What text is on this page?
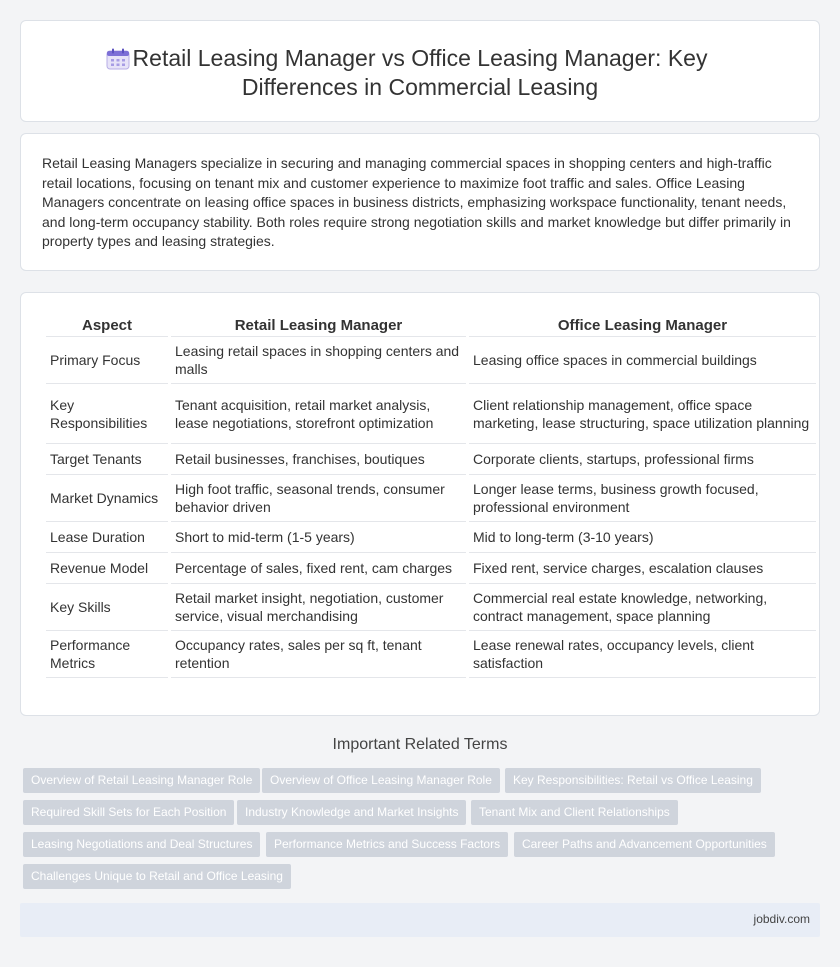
Retail Leasing Manager vs Office Leasing Manager: Key
Differences in Commercial Leasing

Retail Leasing Managers specialize in securing and managing commercial spaces in shopping centers and high-traffic retail locations, focusing on tenant mix and customer experience to maximize foot traffic and sales. Office Leasing Managers concentrate on leasing office spaces in business districts, emphasizing workspace functionality, tenant needs, and long-term occupancy stability. Both roles require strong negotiation skills and market knowledge but differ primarily in property types and leasing strategies.

Aspect	Retail Leasing Manager	Office Leasing Manager
Primary Focus	Leasing retail spaces in shopping centers and malls	Leasing office spaces in commercial buildings
Key Responsibilities	Tenant acquisition, retail market analysis, lease negotiations, storefront optimization	Client relationship management, office space marketing, lease structuring, space utilization planning
Target Tenants	Retail businesses, franchises, boutiques	Corporate clients, startups, professional firms
Market Dynamics	High foot traffic, seasonal trends, consumer behavior driven	Longer lease terms, business growth focused, professional environment
Lease Duration	Short to mid-term (1-5 years)	Mid to long-term (3-10 years)
Revenue Model	Percentage of sales, fixed rent, cam charges	Fixed rent, service charges, escalation clauses
Key Skills	Retail market insight, negotiation, customer service, visual merchandising	Commercial real estate knowledge, networking, contract management, space planning
Performance Metrics	Occupancy rates, sales per sq ft, tenant retention	Lease renewal rates, occupancy levels, client satisfaction
Important Related Terms
Overview of Retail Leasing Manager Role	Overview of Office Leasing Manager Role	Key Responsibilities: Retail vs Office Leasing
Required Skill Sets for Each Position	Industry Knowledge and Market Insights	Tenant Mix and Client Relationships
Leasing Negotiations and Deal Structures	Performance Metrics and Success Factors	Career Paths and Advancement Opportunities
Challenges Unique to Retail and Office Leasing
jobdiv.com
